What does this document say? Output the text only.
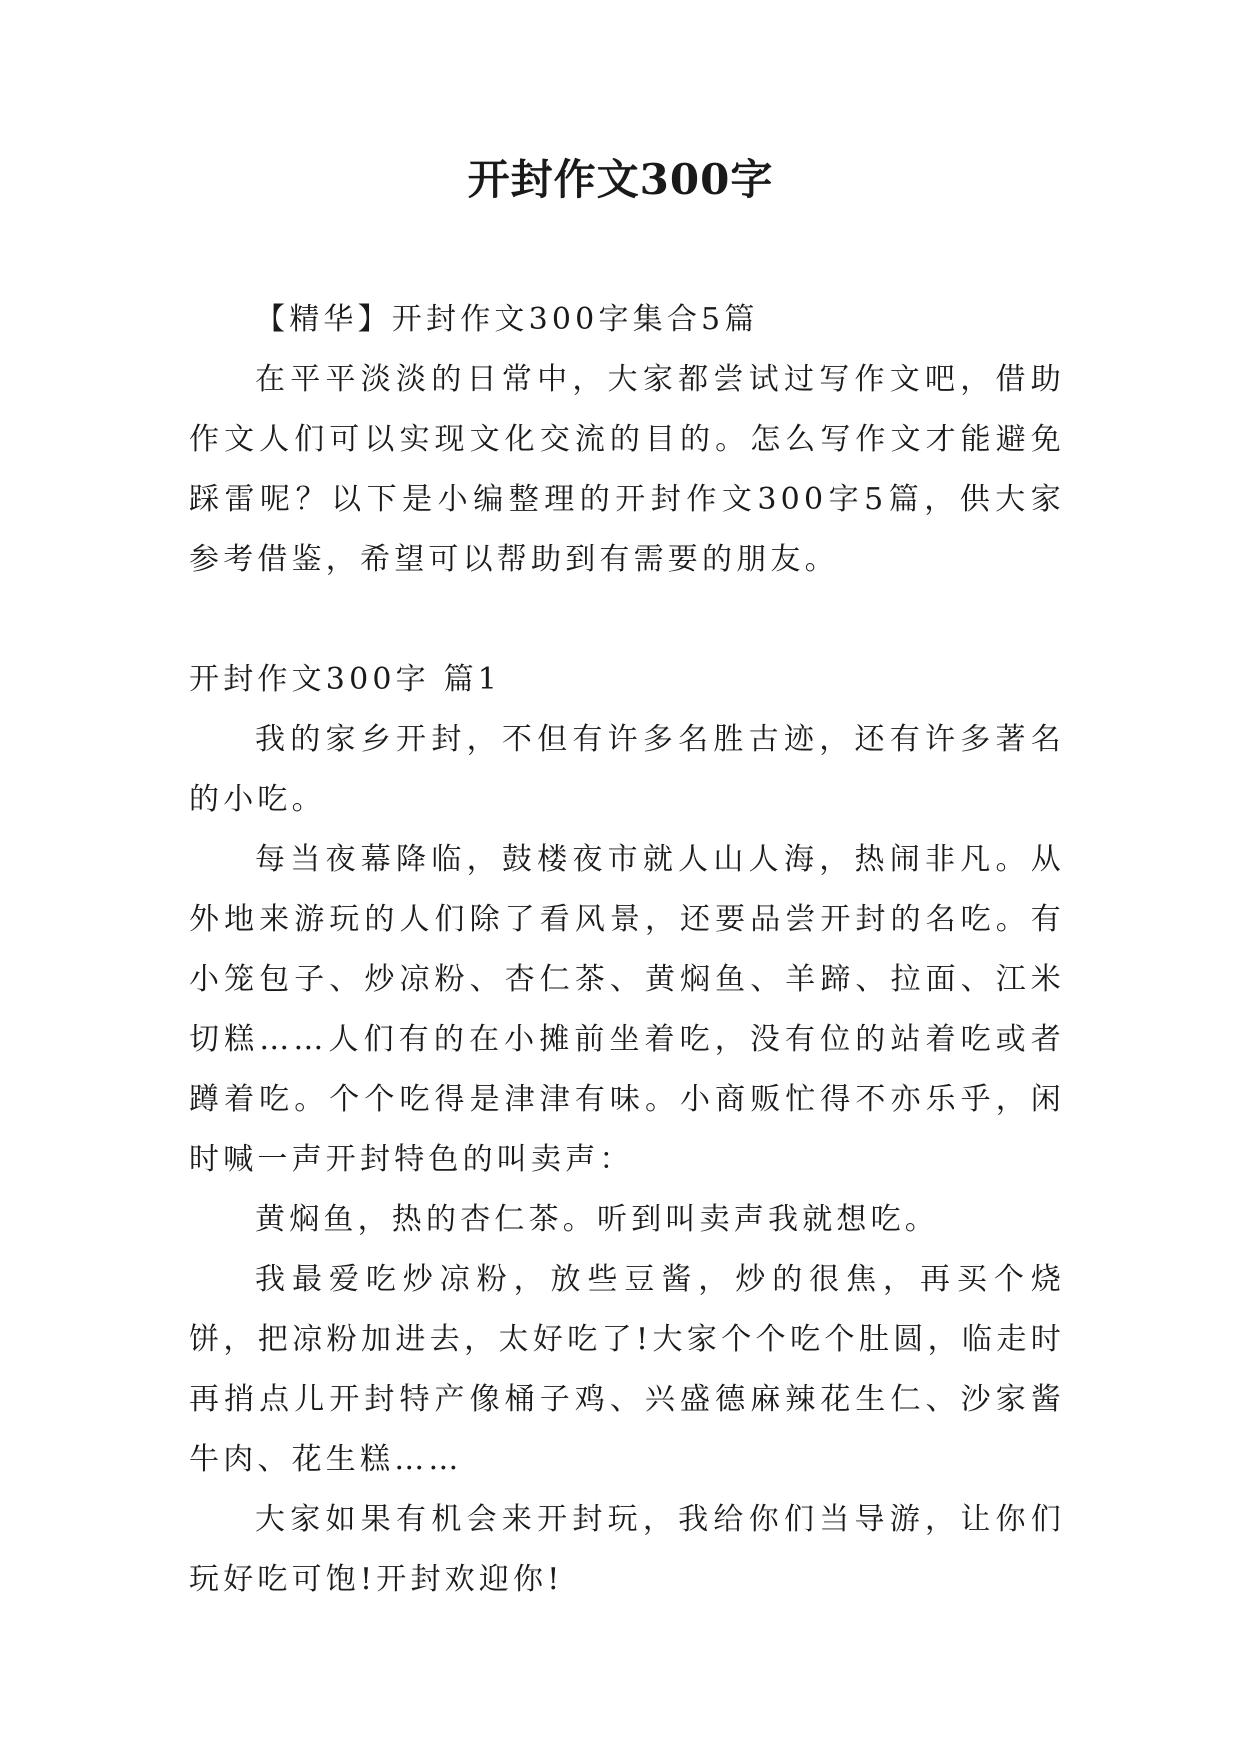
开封作文300字

【精华】开封作文300字集合5篇

在平平淡淡的日常中，大家都尝试过写作文吧，借助作文人们可以实现文化交流的目的。怎么写作文才能避免踩雷呢？以下是小编整理的开封作文300字5篇，供大家参考借鉴，希望可以帮助到有需要的朋友。

开封作文300字 篇1

我的家乡开封，不但有许多名胜古迹，还有许多著名的小吃。

每当夜幕降临，鼓楼夜市就人山人海，热闹非凡。从外地来游玩的人们除了看风景，还要品尝开封的名吃。有小笼包子、炒凉粉、杏仁茶、黄焖鱼、羊蹄、拉面、江米切糕……人们有的在小摊前坐着吃，没有位的站着吃或者蹲着吃。个个吃得是津津有味。小商贩忙得不亦乐乎，闲时喊一声开封特色的叫卖声：

黄焖鱼，热的杏仁茶。听到叫卖声我就想吃。

我最爱吃炒凉粉，放些豆酱，炒的很焦，再买个烧饼，把凉粉加进去，太好吃了!大家个个吃个肚圆，临走时再捎点儿开封特产像桶子鸡、兴盛德麻辣花生仁、沙家酱牛肉、花生糕……

大家如果有机会来开封玩，我给你们当导游，让你们玩好吃可饱!开封欢迎你!
